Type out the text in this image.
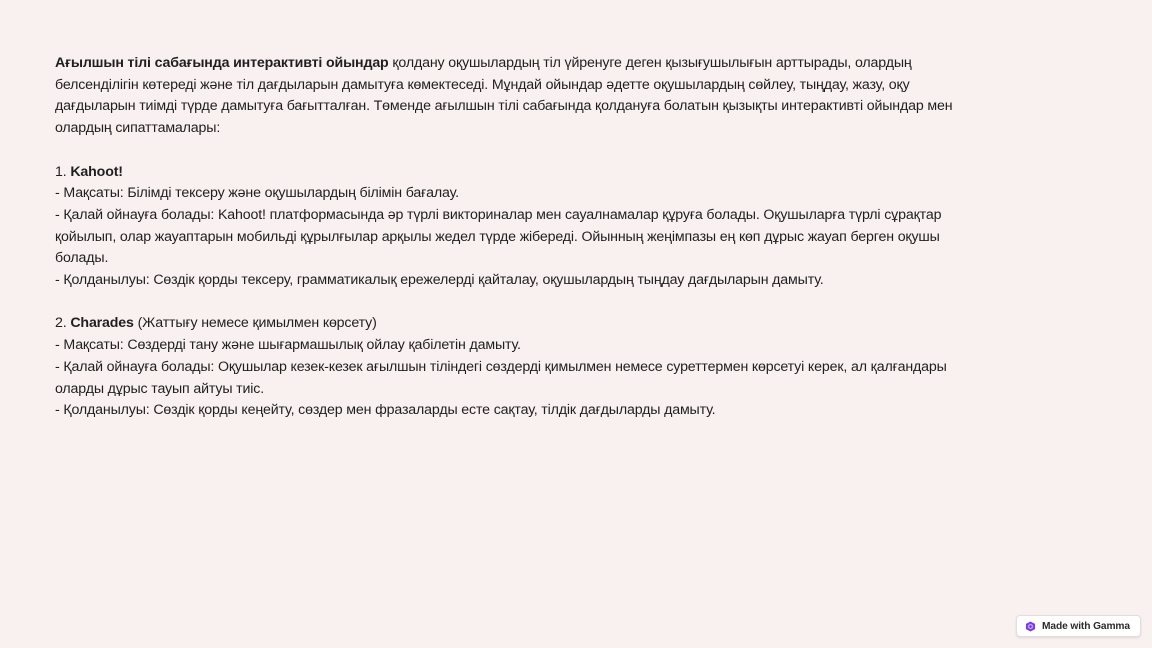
Ағылшын тілі сабағында интерактивті ойындар қолдану оқушылардың тіл үйренуге деген қызығушылығын арттырады, олардың белсенділігін көтереді және тіл дағдыларын дамытуға көмектеседі. Мұндай ойындар әдетте оқушылардың сөйлеу, тыңдау, жазу, оқу дағдыларын тиімді түрде дамытуға бағытталған. Төменде ағылшын тілі сабағында қолдануға болатын қызықты интерактивті ойындар мен олардың сипаттамалары:

1. Kahoot!

- Мақсаты: Білімді тексеру және оқушылардың білімін бағалау.

- Қалай ойнауға болады: Kahoot! платформасында әр түрлі викториналар мен сауалнамалар құруға болады. Оқушыларға түрлі сұрақтар қойылып, олар жауаптарын мобильді құрылғылар арқылы жедел түрде жібереді. Ойынның жеңімпазы ең көп дұрыс жауап берген оқушы болады.

- Қолданылуы: Сөздік қорды тексеру, грамматикалық ережелерді қайталау, оқушылардың тыңдау дағдыларын дамыту.

2. Charades (Жаттығу немесе қимылмен көрсету)

- Мақсаты: Сөздерді тану және шығармашылық ойлау қабілетін дамыту.

- Қалай ойнауға болады: Оқушылар кезек-кезек ағылшын тіліндегі сөздерді қимылмен немесе суреттермен көрсетуі керек, ал қалғандары оларды дұрыс тауып айтуы тиіс.

- Қолданылуы: Сөздік қорды кеңейту, сөздер мен фразаларды есте сақтау, тілдік дағдыларды дамыту.

Made with Gamma
